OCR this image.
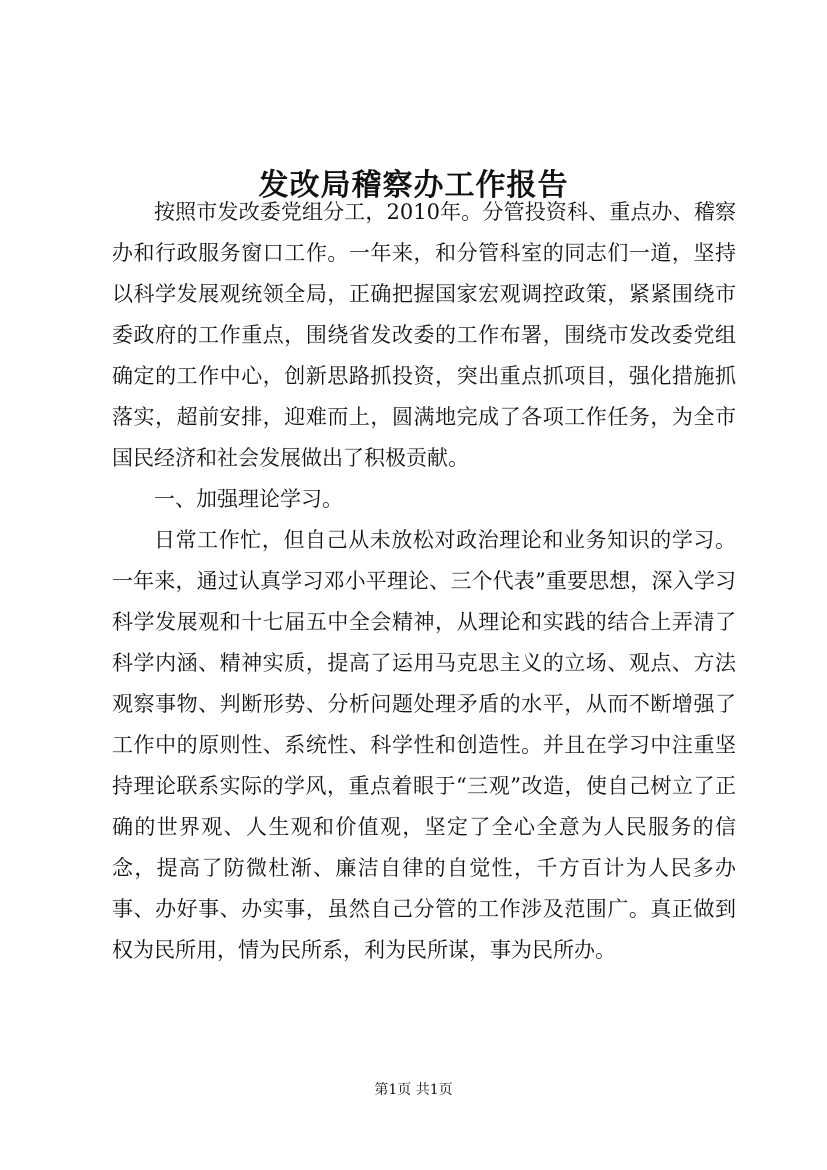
发改局稽察办工作报告

按照市发改委党组分工，2010年。分管投资科、重点办、稽察办和行政服务窗口工作。一年来，和分管科室的同志们一道，坚持以科学发展观统领全局，正确把握国家宏观调控政策，紧紧围绕市委政府的工作重点，围绕省发改委的工作布署，围绕市发改委党组确定的工作中心，创新思路抓投资，突出重点抓项目，强化措施抓落实，超前安排，迎难而上，圆满地完成了各项工作任务，为全市国民经济和社会发展做出了积极贡献。

一、加强理论学习。

日常工作忙，但自己从未放松对政治理论和业务知识的学习。一年来，通过认真学习邓小平理论、三个代表”重要思想，深入学习科学发展观和十七届五中全会精神，从理论和实践的结合上弄清了科学内涵、精神实质，提高了运用马克思主义的立场、观点、方法观察事物、判断形势、分析问题处理矛盾的水平，从而不断增强了工作中的原则性、系统性、科学性和创造性。并且在学习中注重坚持理论联系实际的学风，重点着眼于“三观”改造，使自己树立了正确的世界观、人生观和价值观，坚定了全心全意为人民服务的信念，提高了防微杜渐、廉洁自律的自觉性，千方百计为人民多办事、办好事、办实事，虽然自己分管的工作涉及范围广。真正做到权为民所用，情为民所系，利为民所谋，事为民所办。

第1页 共1页
